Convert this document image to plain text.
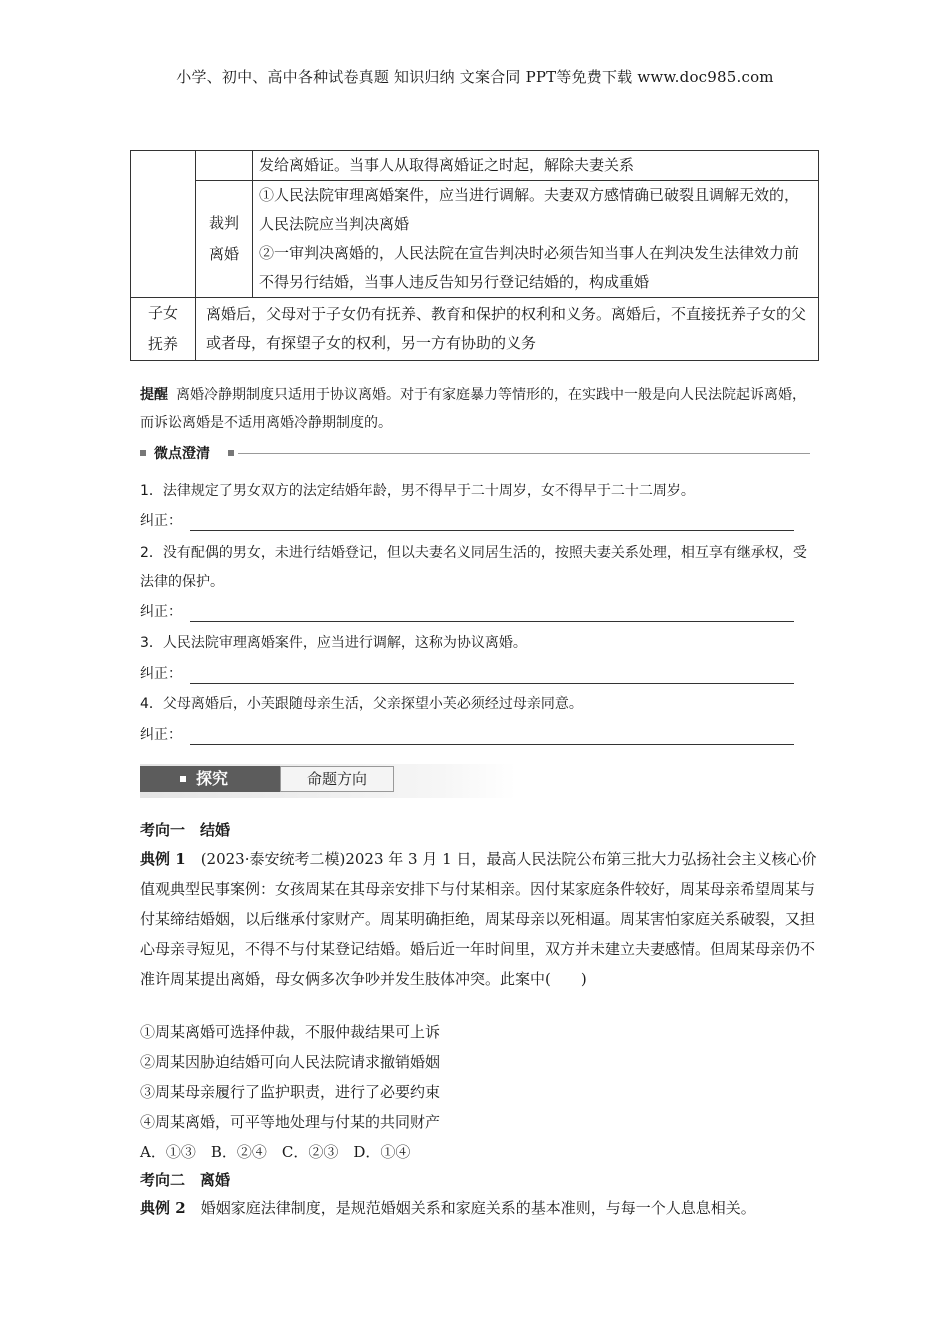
小学、初中、高中各种试卷真题 知识归纳 文案合同 PPT等免费下载 www.doc985.com
		发给离婚证。当事人从取得离婚证之时起，解除夫妻关系
	裁判离婚	①人民法院审理离婚案件，应当进行调解。夫妻双方感情确已破裂且调解无效的，人民法院应当判决离婚
②一审判决离婚的，人民法院在宣告判决时必须告知当事人在判决发生法律效力前不得另行结婚，当事人违反告知另行登记结婚的，构成重婚

子女抚养	离婚后，父母对于子女仍有抚养、教育和保护的权利和义务。离婚后，不直接抚养子女的父或者母，有探望子女的权利，另一方有协助的义务	
提醒 离婚冷静期制度只适用于协议离婚。对于有家庭暴力等情形的，在实践中一般是向人民法院起诉离婚，而诉讼离婚是不适用离婚冷静期制度的。
微点澄清
1．法律规定了男女双方的法定结婚年龄，男不得早于二十周岁，女不得早于二十二周岁。
纠正：
2．没有配偶的男女，未进行结婚登记，但以夫妻名义同居生活的，按照夫妻关系处理，相互享有继承权，受法律的保护。
纠正：
3．人民法院审理离婚案件，应当进行调解，这称为协议离婚。
纠正：
4．父母离婚后，小芙跟随母亲生活，父亲探望小芙必须经过母亲同意。
纠正：
探究	命题方向
考向一　结婚
典例 1　 (2023·泰安统考二模)2023 年 3 月 1 日，最高人民法院公布第三批大力弘扬社会主义核心价值观典型民事案例：女孩周某在其母亲安排下与付某相亲。因付某家庭条件较好，周某母亲希望周某与付某缔结婚姻，以后继承付家财产。周某明确拒绝，周某母亲以死相逼。周某害怕家庭关系破裂，又担心母亲寻短见，不得不与付某登记结婚。婚后近一年时间里，双方并未建立夫妻感情。但周某母亲仍不准许周某提出离婚，母女俩多次争吵并发生肢体冲突。此案中(　　)
①周某离婚可选择仲裁，不服仲裁结果可上诉
②周某因胁迫结婚可向人民法院请求撤销婚姻
③周某母亲履行了监护职责，进行了必要约束
④周某离婚，可平等地处理与付某的共同财产
A．①③　B．②④　C．②③　D．①④
考向二　离婚
典例 2　 婚姻家庭法律制度，是规范婚姻关系和家庭关系的基本准则，与每一个人息息相关。
